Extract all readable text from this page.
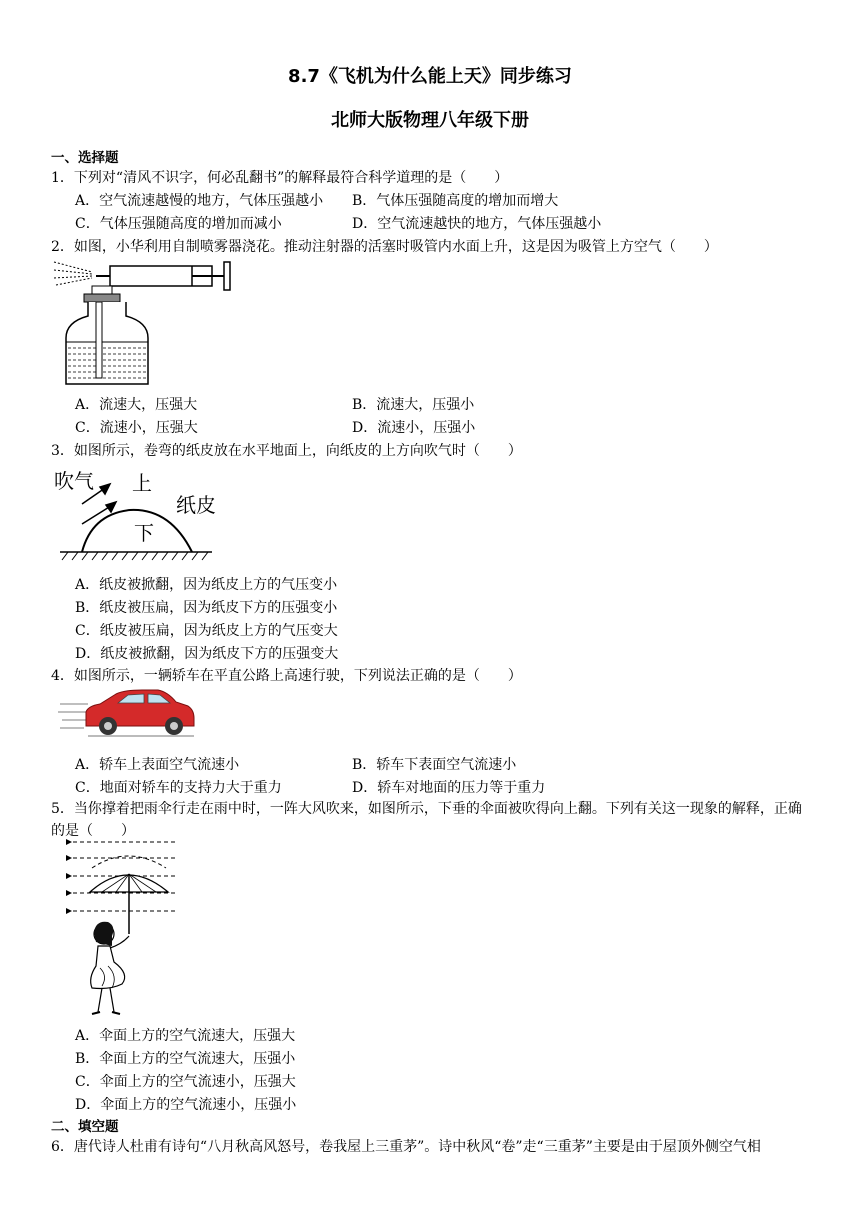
8.7《飞机为什么能上天》同步练习
北师大版物理八年级下册
一、选择题
1．下列对“清风不识字，何必乱翻书”的解释最符合科学道理的是（　　）
A．空气流速越慢的地方，气体压强越小 B．气体压强随高度的增加而增大
C．气体压强随高度的增加而减小	D．空气流速越快的地方，气体压强越小
2．如图，小华利用自制喷雾器浇花。推动注射器的活塞时吸管内水面上升，这是因为吸管上方空气（　　）
A．流速大，压强大	B．流速大，压强小
C．流速小，压强大	D．流速小，压强小
3．如图所示，卷弯的纸皮放在水平地面上，向纸皮的上方向吹气时（　　）
吹气 上
纸皮
下
A．纸皮被掀翻，因为纸皮上方的气压变小
B．纸皮被压扁，因为纸皮下方的压强变小
C．纸皮被压扁，因为纸皮上方的气压变大
D．纸皮被掀翻，因为纸皮下方的压强变大
4．如图所示，一辆轿车在平直公路上高速行驶，下列说法正确的是（　　）
A．轿车上表面空气流速小	B．轿车下表面空气流速小
C．地面对轿车的支持力大于重力	D．轿车对地面的压力等于重力
5．当你撑着把雨伞行走在雨中时，一阵大风吹来，如图所示，下垂的伞面被吹得向上翻。下列有关这一现象的解释，正确的是（　　）
A．伞面上方的空气流速大，压强大
B．伞面上方的空气流速大，压强小
C．伞面上方的空气流速小，压强大
D．伞面上方的空气流速小，压强小
二、填空题
6．唐代诗人杜甫有诗句“八月秋高风怒号，卷我屋上三重茅”。诗中秋风“卷”走“三重茅”主要是由于屋顶外侧空气相
